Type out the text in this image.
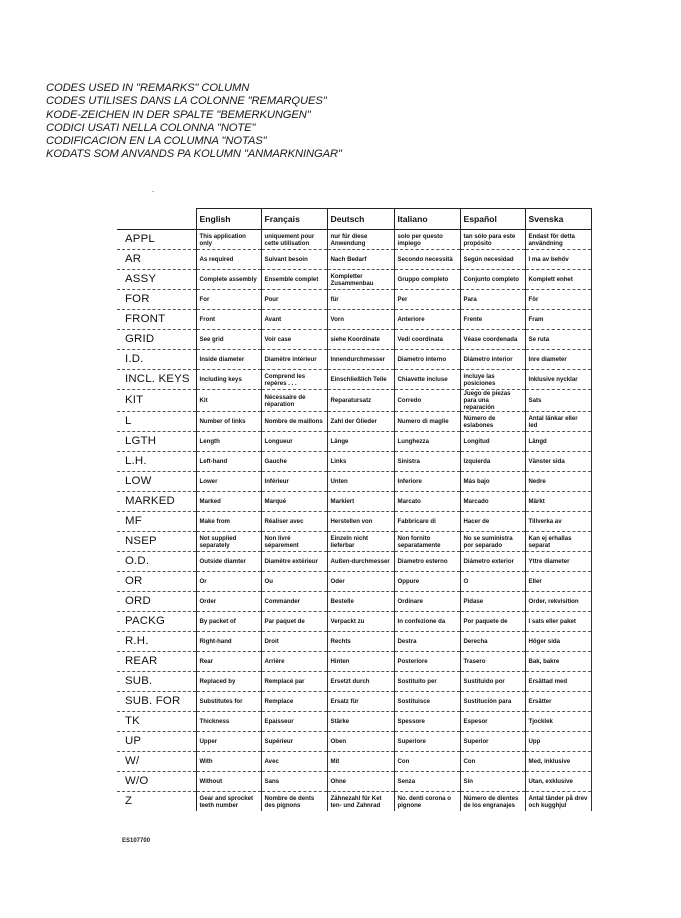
CODES USED IN "REMARKS" COLUMN
CODES UTILISES DANS LA COLONNE "REMARQUES"
KODE-ZEICHEN IN DER SPALTE "BEMERKUNGEN"
CODICI USATI NELLA COLONNA "NOTE"
CODIFICACION EN LA COLUMNA "NOTAS"
KODATS SOM ANVANDS PA KOLUMN "ANMARKNINGAR"
	English	Français	Deutsch	Italiano	Español	Svenska
APPL	This application only	uniquement pour cette utilisation	nur für diese Anwendung	solo per questo impiego	tan sólo para este propósito	Endast för detta användning
AR	As required	Suivant besoin	Nach Bedarf	Secondo necessità	Según necesidad	I ma av behöv
ASSY	Complete assembly	Ensemble complet	Kompletter Zusammenbau	Gruppo completo	Conjunto completo	Komplett enhet
FOR	For	Pour	für	Per	Para	För
FRONT	Front	Avant	Vorn	Anteriore	Frente	Fram
GRID	See grid	Voir case	siehe Koordinate	Vedi coordinata	Véase coordenada	Se ruta
I.D.	Inside diameter	Diamètre intérieur	Innendurchmesser	Diametro interno	Diámetro interior	Inre diameter
INCL. KEYS	Including keys	Comprend les repères . . .	Einschließlich Teile	Chiavette incluse	incluye las posiciones	Inklusive nycklar
KIT	Kit	Nécessaire de réparation	Reparatursatz	Corredo	Juego de piezas para una reparación	Sats
L	Number of links	Nombre de maillons	Zahl der Glieder	Numero di maglie	Número de eslabones	Antal länkar eller led
LGTH	Length	Longueur	Länge	Lunghezza	Longitud	Längd
L.H.	Left-hand	Gauche	Links	Sinistra	Izquierda	Vänster sida
LOW	Lower	Inférieur	Unten	Inferiore	Más bajo	Nedre
MARKED	Marked	Marqué	Markiert	Marcato	Marcado	Märkt
MF	Make from	Réaliser avec	Herstellen von	Fabbricare di	Hacer de	Tillverka av
NSEP	Not supplied separately	Non livré séparement	Einzeln nicht lieferbar	Non fornito separatamente	No se suministra por separado	Kan ej erhallas separat
O.D.	Outside diamter	Diamètre extérieur	Außen-durchmesser	Diametro esterno	Diámetro exterior	Yttre diameter
OR	Or	Ou	Oder	Oppure	O	Eller
ORD	Order	Commander	Bestelle	Ordinare	Pidase	Order, rekvisition
PACKG	By packet of	Par paquet de	Verpackt zu	In confezione da	Por paquete de	I sats eller paket
R.H.	Right-hand	Droit	Rechts	Destra	Derecha	Höger sida
REAR	Rear	Arrière	Hinten	Posteriore	Trasero	Bak, bakre
SUB.	Replaced by	Remplacé par	Ersetzt durch	Sostituito per	Sustituido por	Ersättad med
SUB. FOR	Substitutes for	Remplace	Ersatz für	Sostituisce	Sustitución para	Ersätter
TK	Thickness	Epaisseur	Stärke	Spessore	Espesor	Tjocklek
UP	Upper	Supérieur	Oben	Superiore	Superior	Upp
W/	With	Avec	Mit	Con	Con	Med, inklusive
W/O	Without	Sans	Ohne	Senza	Sin	Utan, exklusive
Z	Gear and sprocket teeth number	Nombre de dents des pignons	Zähnezahl für Ket ten- und Zahnrad	No. denti corona o pignone	Número de dientes de los engranajes	Antal tänder på drev och kugghjul
ES107700
